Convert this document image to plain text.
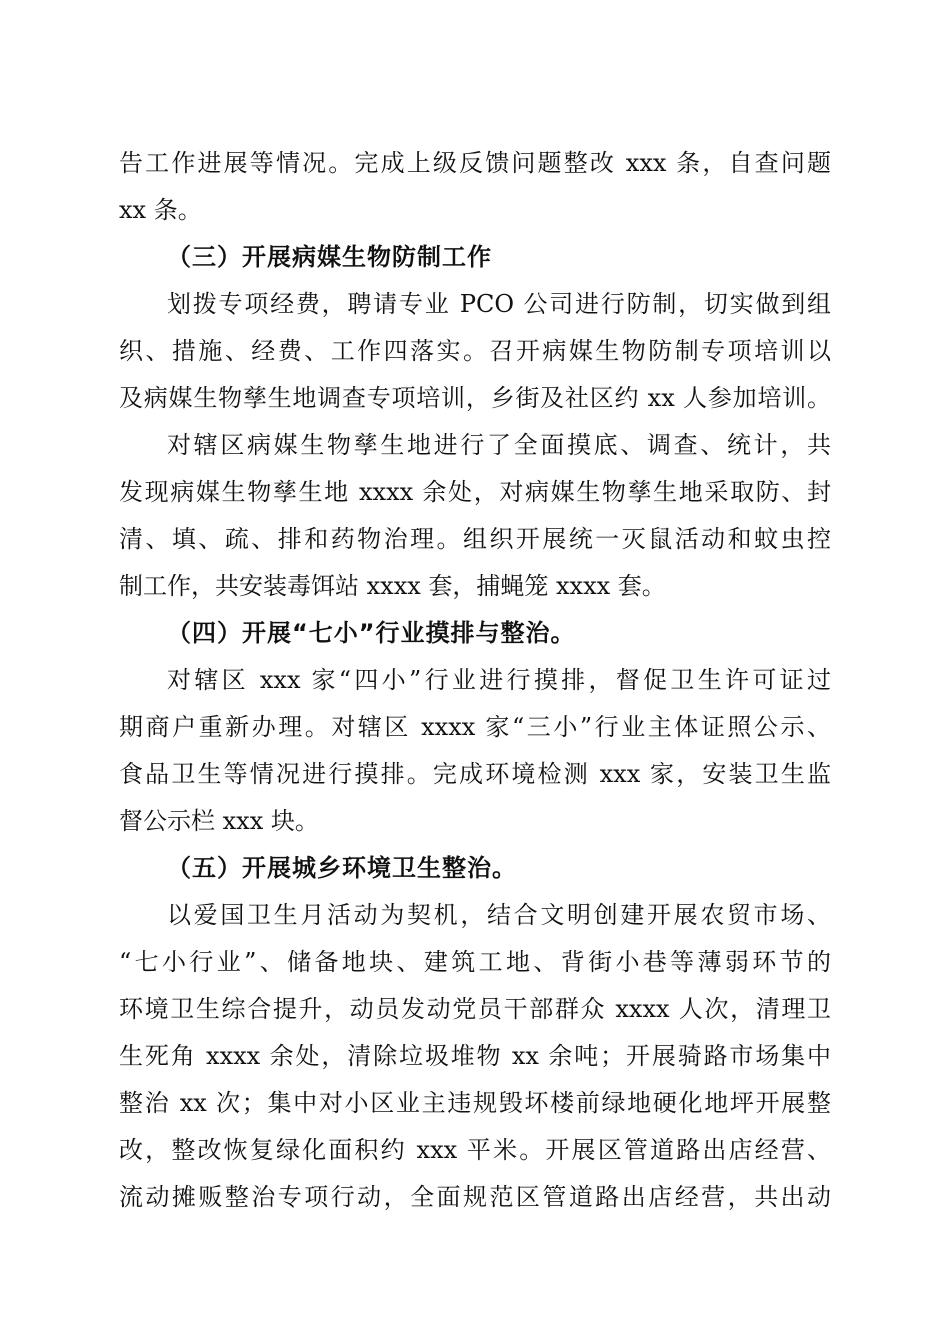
告工作进展等情况。完成上级反馈问题整改 xxx 条，自查问题
xx 条。
（三）开展病媒生物防制工作
划拨专项经费，聘请专业 PCO 公司进行防制，切实做到组
织、措施、经费、工作四落实。召开病媒生物防制专项培训以
及病媒生物孳生地调查专项培训，乡街及社区约 xx 人参加培训。
对辖区病媒生物孳生地进行了全面摸底、调查、统计，共
发现病媒生物孳生地 xxxx 余处，对病媒生物孳生地采取防、封
清、填、疏、排和药物治理。组织开展统一灭鼠活动和蚊虫控
制工作，共安装毒饵站 xxxx 套，捕蝇笼 xxxx 套。
（四）开展“七小”行业摸排与整治。
对辖区 xxx 家“四小”行业进行摸排，督促卫生许可证过
期商户重新办理。对辖区 xxxx 家“三小”行业主体证照公示、
食品卫生等情况进行摸排。完成环境检测 xxx 家，安装卫生监
督公示栏 xxx 块。
（五）开展城乡环境卫生整治。
以爱国卫生月活动为契机，结合文明创建开展农贸市场、
“七小行业”、储备地块、建筑工地、背街小巷等薄弱环节的
环境卫生综合提升，动员发动党员干部群众 xxxx 人次，清理卫
生死角 xxxx 余处，清除垃圾堆物 xx 余吨；开展骑路市场集中
整治 xx 次；集中对小区业主违规毁坏楼前绿地硬化地坪开展整
改，整改恢复绿化面积约 xxx 平米。开展区管道路出店经营、
流动摊贩整治专项行动，全面规范区管道路出店经营，共出动
